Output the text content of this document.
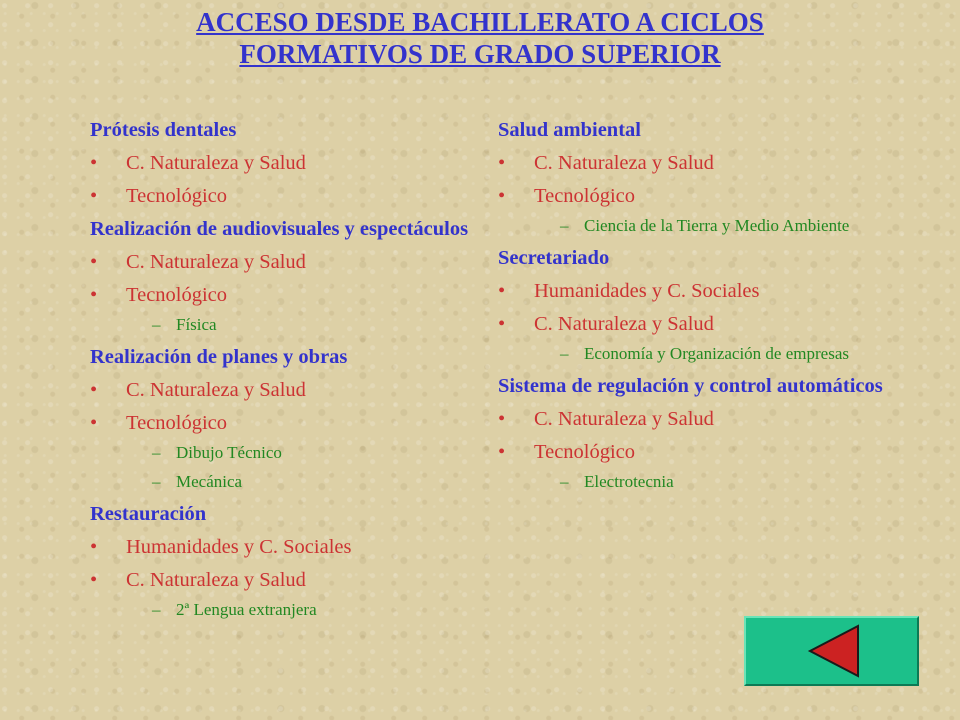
ACCESO DESDE BACHILLERATO A CICLOS
FORMATIVOS DE GRADO SUPERIOR
Prótesis dentales
• C. Naturaleza y Salud
• Tecnológico
Realización de audiovisuales y espectáculos
• C. Naturaleza y Salud
• Tecnológico
– Física
Realización de planes y obras
• C. Naturaleza y Salud
• Tecnológico
– Dibujo Técnico
– Mecánica
Restauración
• Humanidades y C. Sociales
• C. Naturaleza y Salud
– 2ª Lengua extranjera
Salud ambiental
• C. Naturaleza y Salud
• Tecnológico
– Ciencia de la Tierra y Medio Ambiente
Secretariado
• Humanidades y C. Sociales
• C. Naturaleza y Salud
– Economía y Organización de empresas
Sistema de regulación y control automáticos
• C. Naturaleza y Salud
• Tecnológico
– Electrotecnia
